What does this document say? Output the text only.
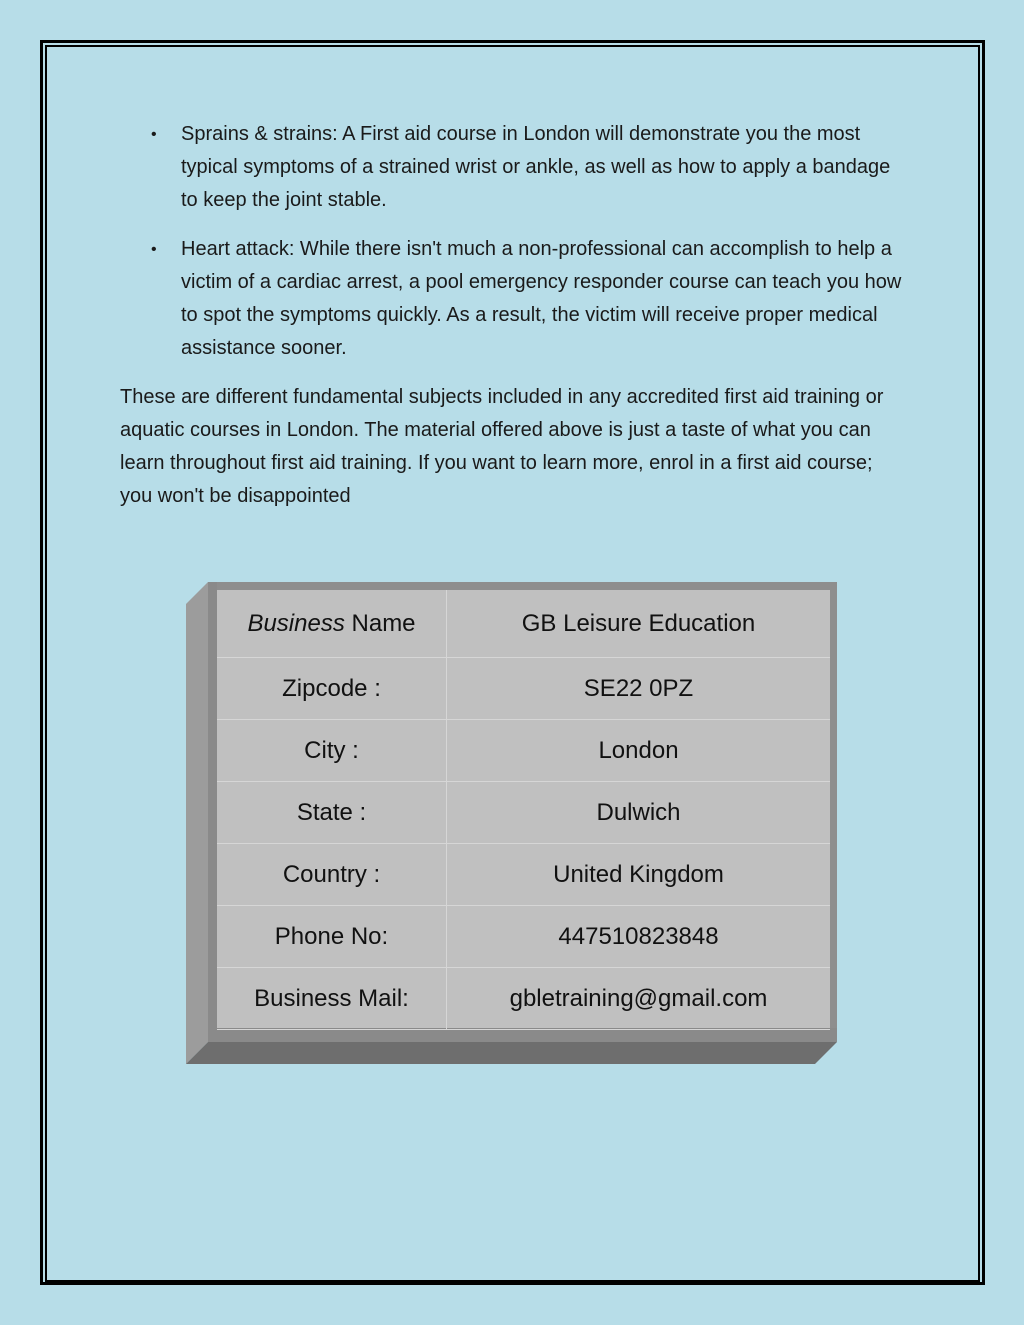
• Sprains & strains: A First aid course in London will demonstrate you the most typical symptoms of a strained wrist or ankle, as well as how to apply a bandage to keep the joint stable.
• Heart attack: While there isn't much a non-professional can accomplish to help a victim of a cardiac arrest, a pool emergency responder course can teach you how to spot the symptoms quickly. As a result, the victim will receive proper medical assistance sooner.

These are different fundamental subjects included in any accredited first aid training or aquatic courses in London. The material offered above is just a taste of what you can learn throughout first aid training. If you want to learn more, enrol in a first aid course; you won't be disappointed

Business Name	GB Leisure Education
Zipcode :	SE22 0PZ
City :	London
State :	Dulwich
Country :	United Kingdom
Phone No:	447510823848
Business Mail:	gbletraining@gmail.com
